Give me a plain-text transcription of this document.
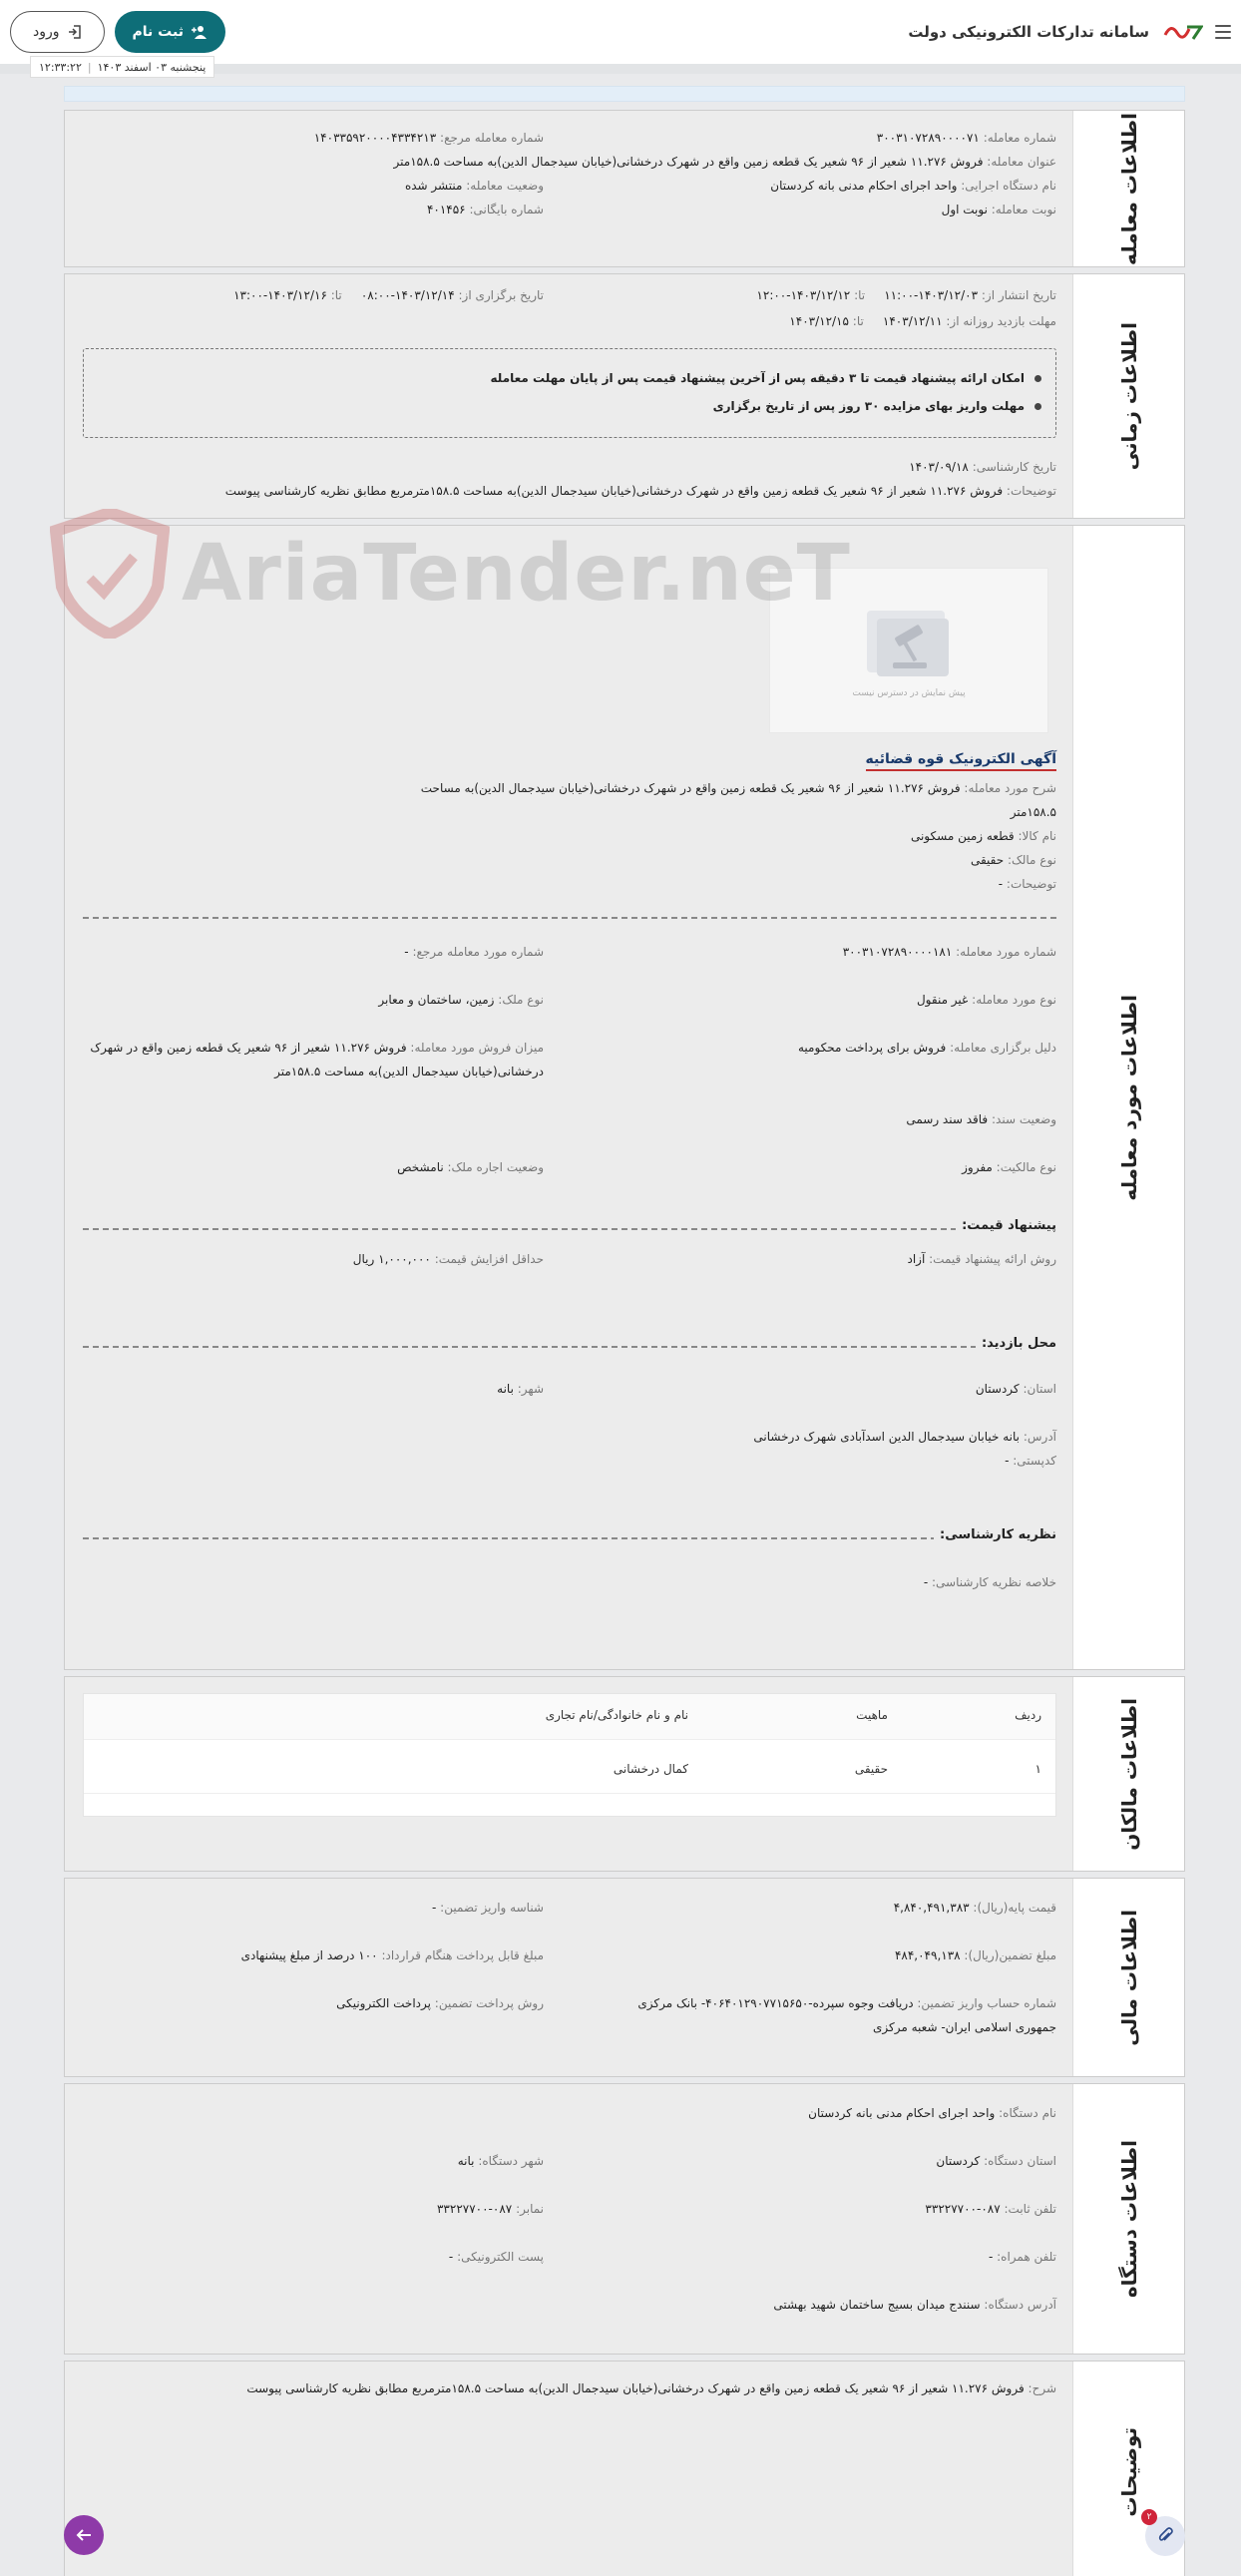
سامانه تدارکات الکترونیکی دولت
ثبت نام
ورود
پنجشنبه ۰۳ اسفند ۱۴۰۳
|
۱۲:۳۳:۲۲
اطلاعات معامله
شماره معامله: ۳۰۰۳۱۰۷۲۸۹۰۰۰۰۷۱
شماره معامله مرجع: ۱۴۰۳۳۵۹۲۰۰۰۰۴۳۳۴۲۱۳
عنوان معامله: فروش ۱۱.۲۷۶ شعیر از ۹۶ شعیر یک قطعه زمین واقع در شهرک درخشانی(خیابان سیدجمال الدین)به مساحت ۱۵۸.۵متر
نام دستگاه اجرایی: واحد اجرای احکام مدنی بانه کردستان
وضعیت معامله: منتشر شده
نوبت معامله: نوبت اول
شماره بایگانی: ۴۰۱۴۵۶
اطلاعات زمانی
تاریخ انتشار از: ۱۴۰۳/۱۲/۰۳-۱۱:۰۰     تا: ۱۴۰۳/۱۲/۱۲-۱۲:۰۰
تاریخ برگزاری از: ۱۴۰۳/۱۲/۱۴-۰۸:۰۰     تا: ۱۴۰۳/۱۲/۱۶-۱۳:۰۰
مهلت بازدید روزانه از: ۱۴۰۳/۱۲/۱۱     تا: ۱۴۰۳/۱۲/۱۵
امکان ارائه پیشنهاد قیمت تا ۳ دقیقه پس از آخرین پیشنهاد قیمت پس از پایان مهلت معامله
مهلت واریز بهای مزایده ۳۰ روز پس از تاریخ برگزاری
تاریخ کارشناسی: ۱۴۰۳/۰۹/۱۸
توضیحات: فروش ۱۱.۲۷۶ شعیر از ۹۶ شعیر یک قطعه زمین واقع در شهرک درخشانی(خیابان سیدجمال الدین)به مساحت ۱۵۸.۵مترمربع مطابق نظریه کارشناسی پیوست
اطلاعات مورد معامله
پیش نمایش در دسترس نیست
آگهی الکترونیک قوه قضائیه
شرح مورد معامله: فروش ۱۱.۲۷۶ شعیر از ۹۶ شعیر یک قطعه زمین واقع در شهرک درخشانی(خیابان سیدجمال الدین)به مساحت
۱۵۸.۵متر
نام کالا: قطعه زمین مسکونی
نوع مالک: حقیقی
توضیحات: -
شماره مورد معامله: ۳۰۰۳۱۰۷۲۸۹۰۰۰۰۱۸۱
شماره مورد معامله مرجع: -
نوع مورد معامله: غیر منقول
نوع ملک: زمین، ساختمان و معابر
دلیل برگزاری معامله: فروش برای پرداخت محکومیه
میزان فروش مورد معامله: فروش ۱۱.۲۷۶ شعیر از ۹۶ شعیر یک قطعه زمین واقع در شهرک
درخشانی(خیابان سیدجمال الدین)به مساحت ۱۵۸.۵متر
وضعیت سند: فاقد سند رسمی
نوع مالکیت: مفروز
وضعیت اجاره ملک: نامشخص
پیشنهاد قیمت:
روش ارائه پیشنهاد قیمت: آزاد
حداقل افزایش قیمت: ۱,۰۰۰,۰۰۰ ریال
محل بازدید:
استان: کردستان
شهر: بانه
آدرس: بانه خیابان سیدجمال الدین اسدآبادی شهرک درخشانی
کدپستی: -
نظریه کارشناسی:
خلاصه نظریه کارشناسی: -
اطلاعات مالکان
ردیف
ماهیت
نام و نام خانوادگی/نام تجاری
۱
حقیقی
کمال درخشانی
اطلاعات مالی
قیمت پایه(ریال): ۴,۸۴۰,۴۹۱,۳۸۳
شناسه واریز تضمین: -
مبلغ تضمین(ریال): ۴۸۴,۰۴۹,۱۳۸
مبلغ قابل پرداخت هنگام قرارداد: ۱۰۰ درصد از مبلغ پیشنهادی
شماره حساب واریز تضمین: دریافت وجوه سپرده-۴۰۶۴۰۱۲۹۰۷۷۱۵۶۵۰- بانک مرکزی
جمهوری اسلامی ایران- شعبه مرکزی
روش پرداخت تضمین: پرداخت الکترونیکی
اطلاعات دستگاه
نام دستگاه: واحد اجرای احکام مدنی بانه کردستان
استان دستگاه: کردستان
شهر دستگاه: بانه
تلفن ثابت: ۰۸۷-۳۳۲۲۷۷۰۰
نمابر: ۰۸۷-۳۳۲۲۷۷۰۰
تلفن همراه: -
پست الکترونیکی: -
آدرس دستگاه: سنندج میدان بسیج ساختمان شهید بهشتی
توضیحات
شرح: فروش ۱۱.۲۷۶ شعیر از ۹۶ شعیر یک قطعه زمین واقع در شهرک درخشانی(خیابان سیدجمال الدین)به مساحت ۱۵۸.۵مترمربع مطابق نظریه کارشناسی پیوست
AriaTender.neT
۲
